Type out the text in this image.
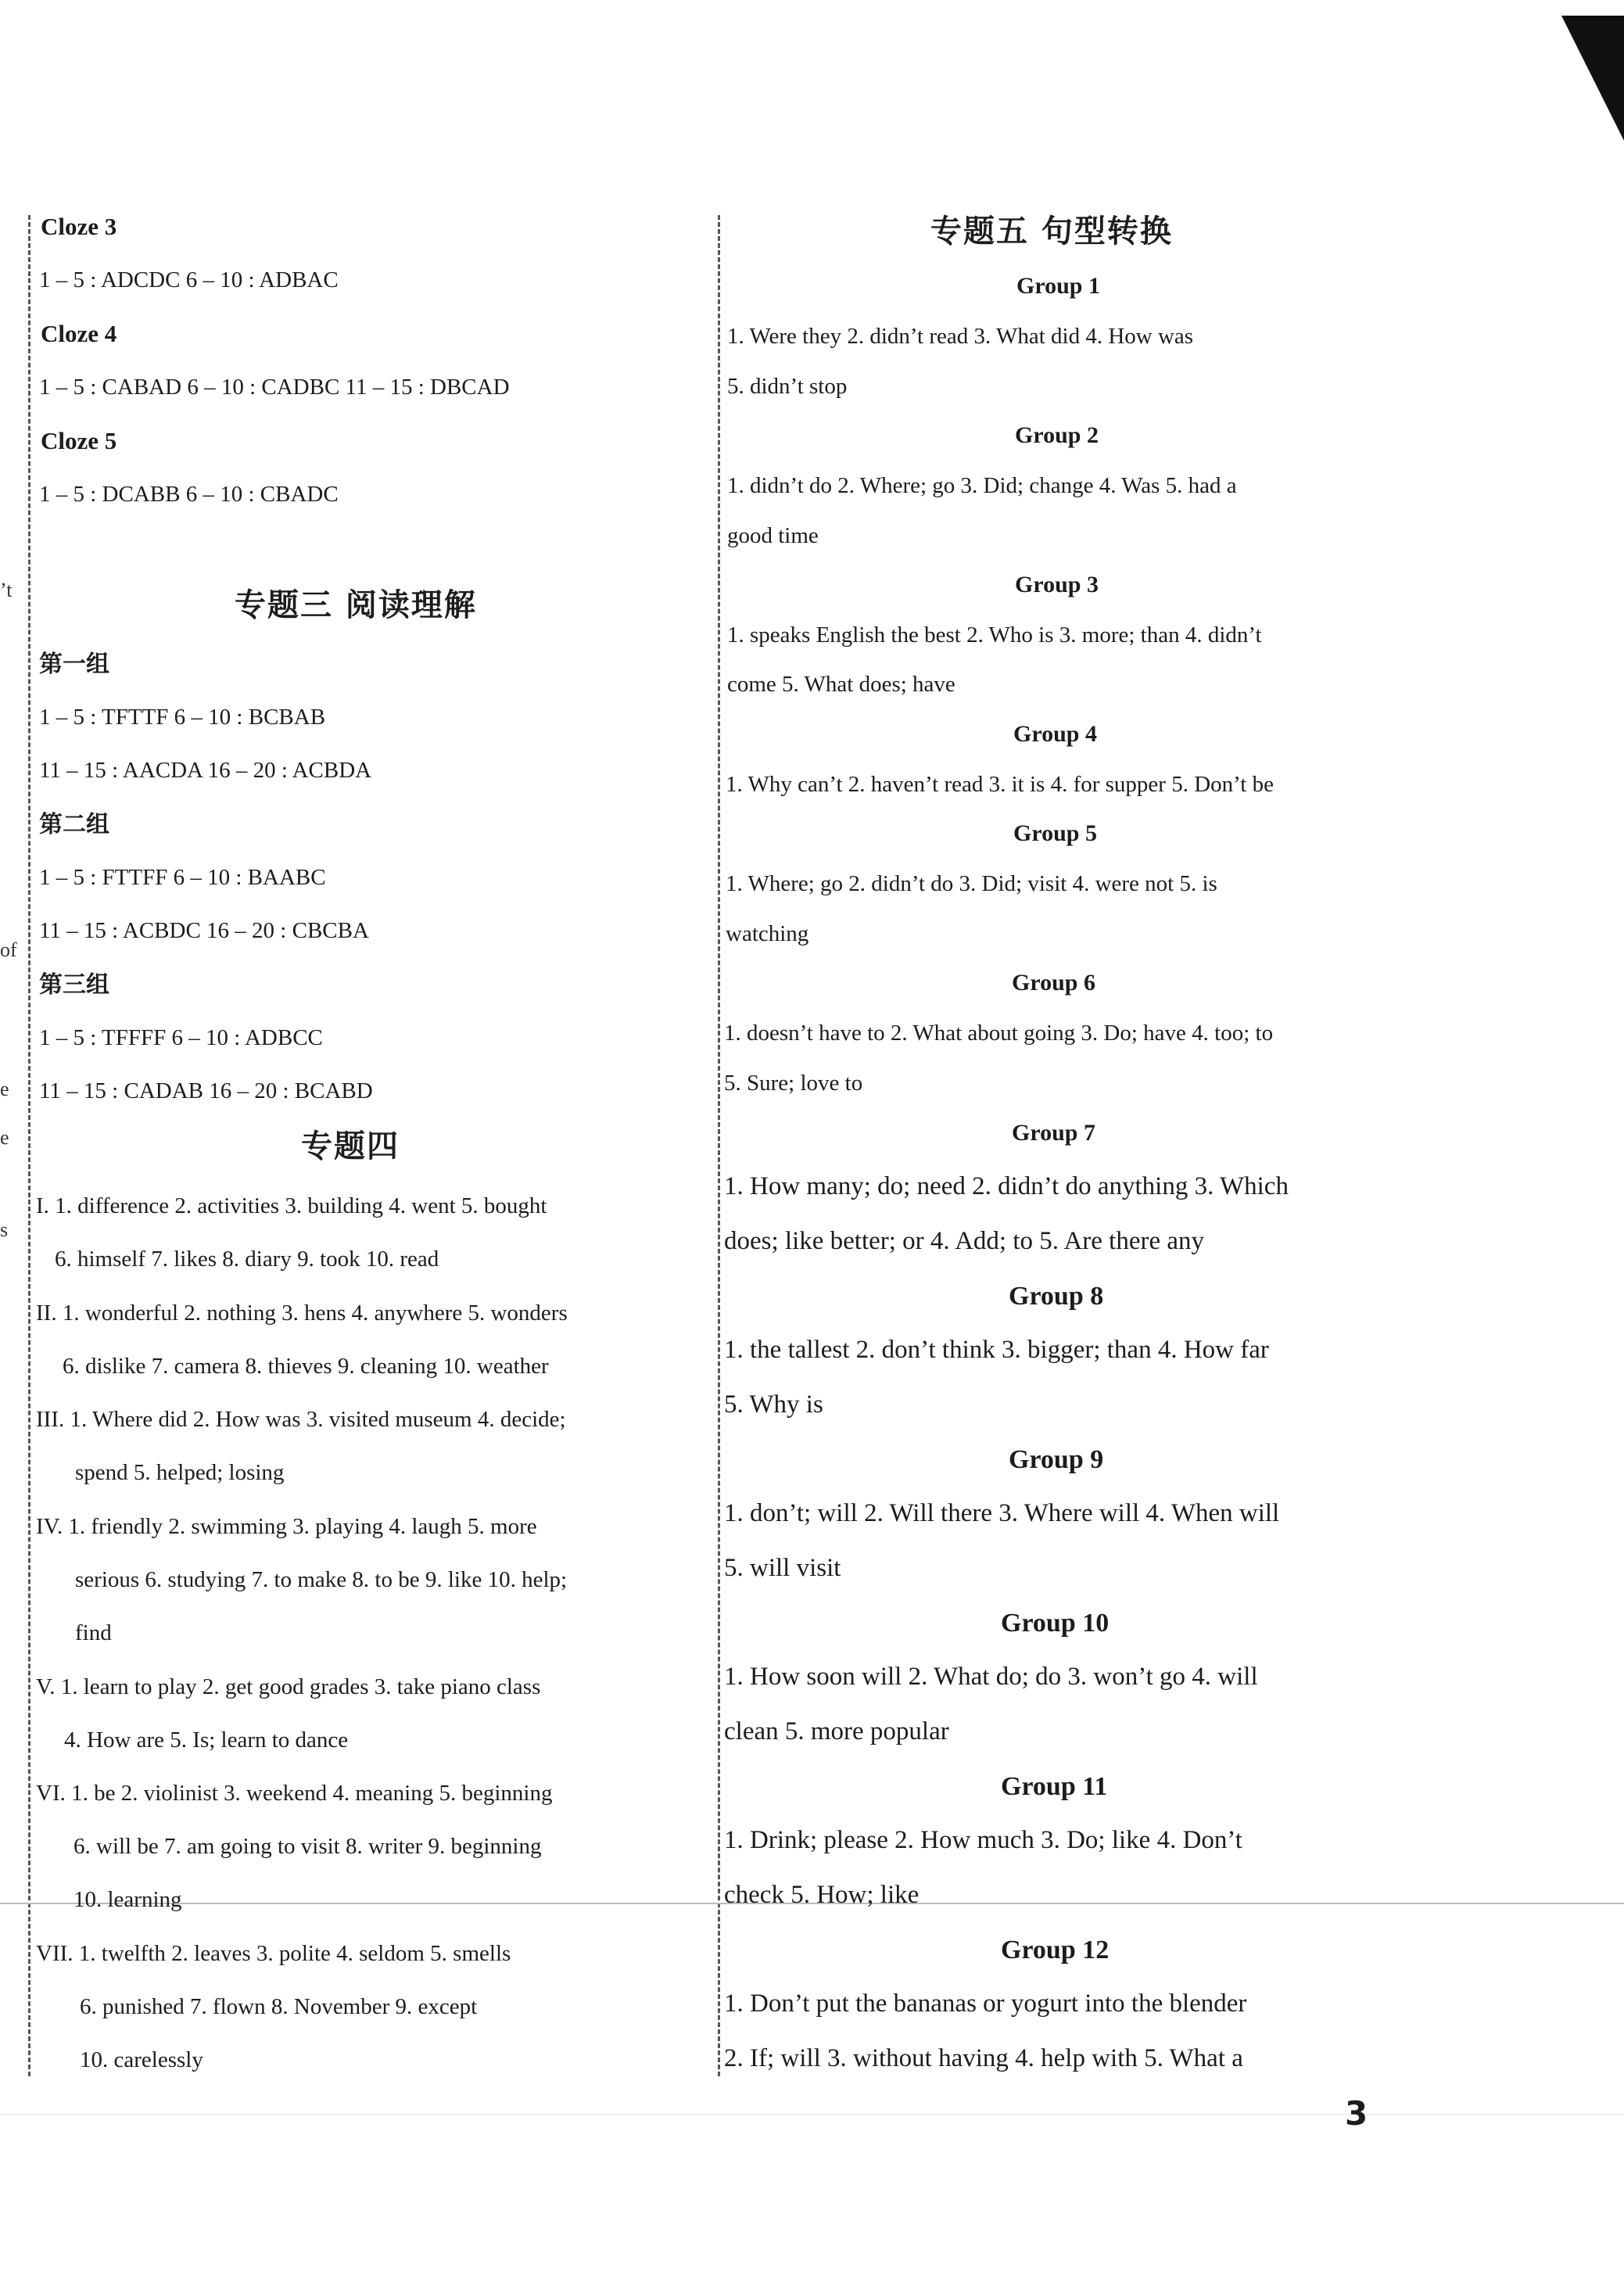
’t
of
e
e
s
Cloze 3
1 – 5 : ADCDC 6 – 10 : ADBAC
Cloze 4
1 – 5 : CABAD 6 – 10 : CADBC 11 – 15 : DBCAD
Cloze 5
1 – 5 : DCABB 6 – 10 : CBADC
专题三 阅读理解
第一组
1 – 5 : TFTTF 6 – 10 : BCBAB
11 – 15 : AACDA 16 – 20 : ACBDA
第二组
1 – 5 : FTTFF 6 – 10 : BAABC
11 – 15 : ACBDC 16 – 20 : CBCBA
第三组
1 – 5 : TFFFF 6 – 10 : ADBCC
11 – 15 : CADAB 16 – 20 : BCABD
专题四
I. 1. difference 2. activities 3. building 4. went 5. bought
6. himself 7. likes 8. diary 9. took 10. read
II. 1. wonderful 2. nothing 3. hens 4. anywhere 5. wonders
6. dislike 7. camera 8. thieves 9. cleaning 10. weather
III. 1. Where did 2. How was 3. visited museum 4. decide;
spend 5. helped; losing
IV. 1. friendly 2. swimming 3. playing 4. laugh 5. more
serious 6. studying 7. to make 8. to be 9. like 10. help;
find
V. 1. learn to play 2. get good grades 3. take piano class
4. How are 5. Is; learn to dance
VI. 1. be 2. violinist 3. weekend 4. meaning 5. beginning
6. will be 7. am going to visit 8. writer 9. beginning
10. learning
VII. 1. twelfth 2. leaves 3. polite 4. seldom 5. smells
6. punished 7. flown 8. November 9. except
10. carelessly
专题五 句型转换
Group 1
1. Were they 2. didn’t read 3. What did 4. How was
5. didn’t stop
Group 2
1. didn’t do 2. Where; go 3. Did; change 4. Was 5. had a
good time
Group 3
1. speaks English the best 2. Who is 3. more; than 4. didn’t
come 5. What does; have
Group 4
1. Why can’t 2. haven’t read 3. it is 4. for supper 5. Don’t be
Group 5
1. Where; go 2. didn’t do 3. Did; visit 4. were not 5. is
watching
Group 6
1. doesn’t have to 2. What about going 3. Do; have 4. too; to
5. Sure; love to
Group 7
1. How many; do; need 2. didn’t do anything 3. Which
does; like better; or 4. Add; to 5. Are there any
Group 8
1. the tallest 2. don’t think 3. bigger; than 4. How far
5. Why is
Group 9
1. don’t; will 2. Will there 3. Where will 4. When will
5. will visit
Group 10
1. How soon will 2. What do; do 3. won’t go 4. will
clean 5. more popular
Group 11
1. Drink; please 2. How much 3. Do; like 4. Don’t
check 5. How; like
Group 12
1. Don’t put the bananas or yogurt into the blender
2. If; will 3. without having 4. help with 5. What a
3
